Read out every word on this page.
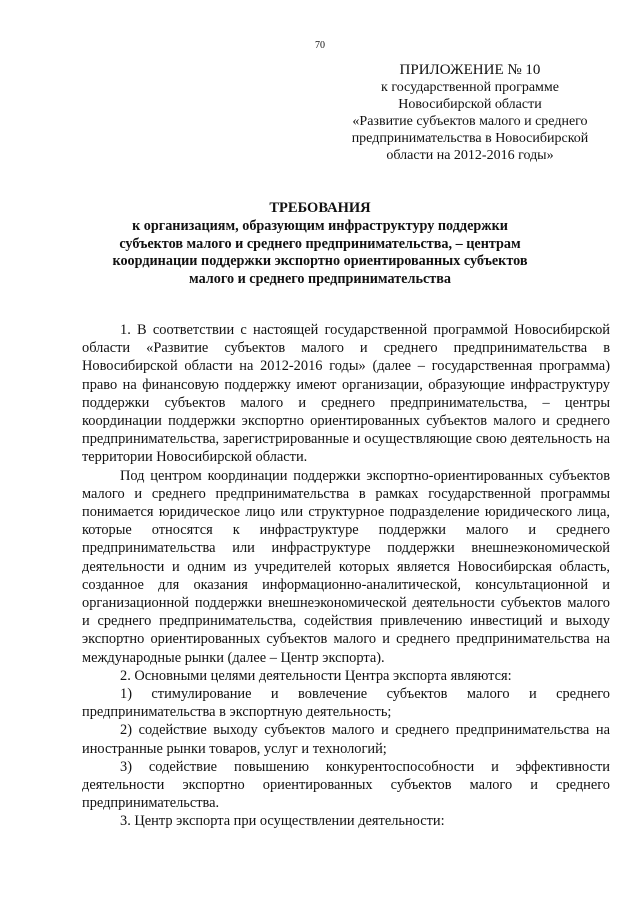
70
ПРИЛОЖЕНИЕ № 10
к государственной программе
Новосибирской области
«Развитие субъектов малого и среднего
предпринимательства в Новосибирской
области на 2012-2016 годы»
ТРЕБОВАНИЯ
к организациям, образующим инфраструктуру поддержки
субъектов малого и среднего предпринимательства, – центрам
координации поддержки экспортно ориентированных субъектов
малого и среднего предпринимательства

1. В соответствии с настоящей государственной программой Новосибирской области «Развитие субъектов малого и среднего предпринимательства в Новосибирской области на 2012-2016 годы» (далее – государственная программа) право на финансовую поддержку имеют организации, образующие инфраструктуру поддержки субъектов малого и среднего предпринимательства, – центры координации поддержки экспортно ориентированных субъектов малого и среднего предпринимательства, зарегистрированные и осуществляющие свою деятельность на территории Новосибирской области.

Под центром координации поддержки экспортно-ориентированных субъектов малого и среднего предпринимательства в рамках государственной программы понимается юридическое лицо или структурное подразделение юридического лица, которые относятся к инфраструктуре поддержки малого и среднего предпринимательства или инфраструктуре поддержки внешнеэкономической деятельности и одним из учредителей которых является Новосибирская область, созданное для оказания информационно-аналитической, консультационной и организационной поддержки внешнеэкономической деятельности субъектов малого и среднего предпринимательства, содействия привлечению инвестиций и выходу экспортно ориентированных субъектов малого и среднего предпринимательства на международные рынки (далее – Центр экспорта).

2. Основными целями деятельности Центра экспорта являются:

1) стимулирование и вовлечение субъектов малого и среднего предпринимательства в экспортную деятельность;

2) содействие выходу субъектов малого и среднего предпринимательства на иностранные рынки товаров, услуг и технологий;

3) содействие повышению конкурентоспособности и эффективности деятельности экспортно ориентированных субъектов малого и среднего предпринимательства.

3. Центр экспорта при осуществлении деятельности:
